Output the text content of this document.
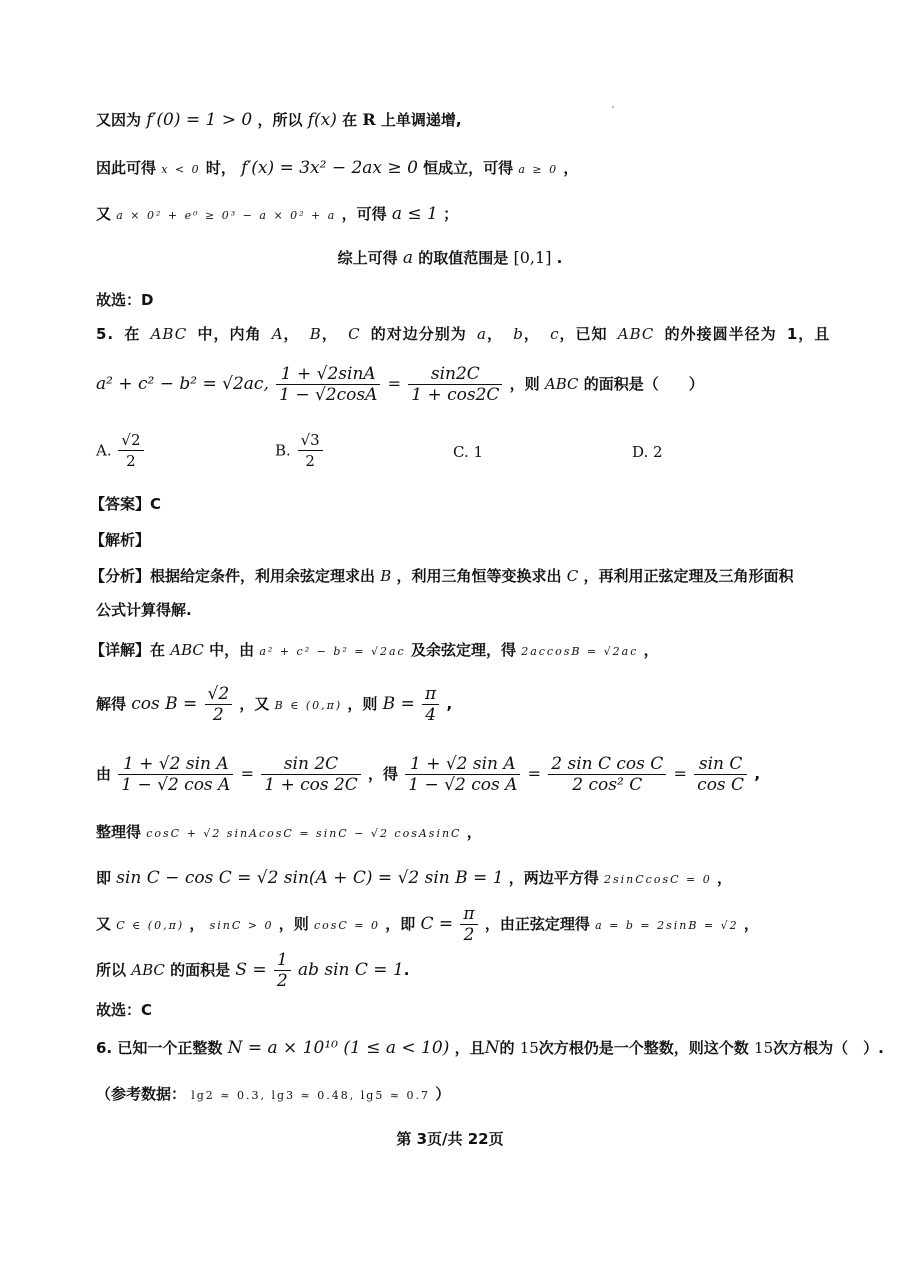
又因为 f′(0) = 1 > 0 ，所以 f(x) 在 R 上单调递增,
因此可得 x < 0 时， f′(x) = 3x² − 2ax ≥ 0 恒成立，可得 a ≥ 0 ，
又 a × 0² + e⁰ ≥ 0³ − a × 0² + a ，可得 a ≤ 1 ；
综上可得 a 的取值范围是 [0,1] .
故选：D
5. 在 ABC 中，内角 A， B， C 的对边分别为 a， b， c，已知 ABC 的外接圆半径为 1，且
a² + c² − b² = √2ac, $\frac{1 + √2\sin A}{1 - √2\cos A} = \frac{\sin 2C}{1 + \cos 2C}$ ，则 ABC 的面积是（　　）
A. $\frac{√2}{2}$	B. $\frac{√3}{2}$	C. 1	D. 2
【答案】C
【解析】
【分析】根据给定条件，利用余弦定理求出 B ，利用三角恒等变换求出 C ，再利用正弦定理及三角形面积
公式计算得解.
【详解】在 ABC 中，由 a² + c² − b² = √2ac 及余弦定理，得 2accosB = √2ac ，
解得 $\cos B = \frac{√2}{2}$ ，又 B ∈ (0,π) ，则 $B = \frac{\pi}{4}$ ,
由 $\frac{\text{1 + √2 sin A}}{\text{1 − √2 cos A}} = \frac{\sin 2C}{1 + \cos 2C}$ ，得 $\frac{\text{1 + √2 sin A}}{\text{1 − √2 cos A}} = \frac{\text{2 sin C cos C}}{\text{2 cos² C}} = \frac{\text{sin C}}{\text{cos C}}$ ,
整理得 cosC + √2 sinAcosC = sinC − √2 cosAsinC ，
即 sin C − cos C = √2 sin(A + C) = √2 sin B = 1 ，两边平方得 2sinCcosC = 0 ，
又 C ∈ (0,π) ， sinC > 0 ，则 cosC = 0 ，即 $C = \frac{\pi}{2}$ ，由正弦定理得 a = b = 2sinB = √2 ，
所以 ABC 的面积是 $S = \frac{1}{2}$ ab sin C = 1.
故选：C
6. 已知一个正整数 N = a × 10¹⁰ (1 ≤ a < 10) ，且N的 15次方根仍是一个整数，则这个数 15次方根为（　）.
（参考数据： lg2 ≈ 0.3, lg3 ≈ 0.48, lg5 ≈ 0.7 ）
第 3页/共 22页
